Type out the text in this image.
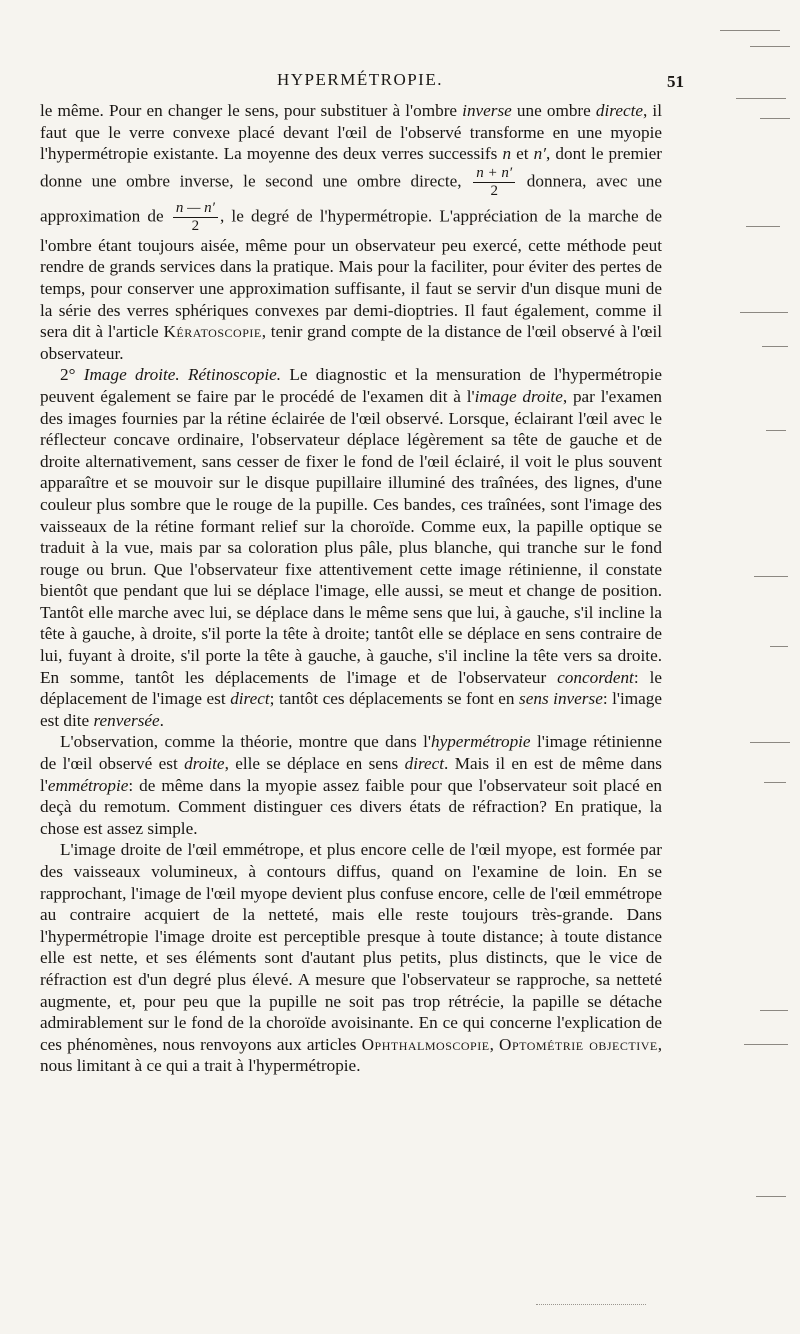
HYPERMÉTROPIE.	51

le même. Pour en changer le sens, pour substituer à l'ombre inverse une ombre directe, il faut que le verre convexe placé devant l'œil de l'observé transforme en une myopie l'hypermétropie existante. La moyenne des deux verres successifs n et n′, dont le premier donne une ombre inverse, le second une ombre directe, $\frac{n + n'}{2}$ donnera, avec une approximation de $\frac{n — n'}{2}$ , le degré de l'hypermétropie. L'appréciation de la marche de l'ombre étant toujours aisée, même pour un observateur peu exercé, cette méthode peut rendre de grands services dans la pratique. Mais pour la faciliter, pour éviter des pertes de temps, pour conserver une approximation suffisante, il faut se servir d'un disque muni de la série des verres sphériques convexes par demi-dioptries. Il faut également, comme il sera dit à l'article Kératoscopie, tenir grand compte de la distance de l'œil observé à l'œil observateur.

2° Image droite. Rétinoscopie. Le diagnostic et la mensuration de l'hypermétropie peuvent également se faire par le procédé de l'examen dit à l'image droite, par l'examen des images fournies par la rétine éclairée de l'œil observé. Lorsque, éclairant l'œil avec le réflecteur concave ordinaire, l'observateur déplace légèrement sa tête de gauche et de droite alternativement, sans cesser de fixer le fond de l'œil éclairé, il voit le plus souvent apparaître et se mouvoir sur le disque pupillaire illuminé des traînées, des lignes, d'une couleur plus sombre que le rouge de la pupille. Ces bandes, ces traînées, sont l'image des vaisseaux de la rétine formant relief sur la choroïde. Comme eux, la papille optique se traduit à la vue, mais par sa coloration plus pâle, plus blanche, qui tranche sur le fond rouge ou brun. Que l'observateur fixe attentivement cette image rétinienne, il constate bientôt que pendant que lui se déplace l'image, elle aussi, se meut et change de position. Tantôt elle marche avec lui, se déplace dans le même sens que lui, à gauche, s'il incline la tête à gauche, à droite, s'il porte la tête à droite; tantôt elle se déplace en sens contraire de lui, fuyant à droite, s'il porte la tête à gauche, à gauche, s'il incline la tête vers sa droite. En somme, tantôt les déplacements de l'image et de l'observateur concordent: le déplacement de l'image est direct; tantôt ces déplacements se font en sens inverse: l'image est dite renversée.

L'observation, comme la théorie, montre que dans l'hypermétropie l'image rétinienne de l'œil observé est droite, elle se déplace en sens direct. Mais il en est de même dans l'emmétropie: de même dans la myopie assez faible pour que l'observateur soit placé en deçà du remotum. Comment distinguer ces divers états de réfraction? En pratique, la chose est assez simple.

L'image droite de l'œil emmétrope, et plus encore celle de l'œil myope, est formée par des vaisseaux volumineux, à contours diffus, quand on l'examine de loin. En se rapprochant, l'image de l'œil myope devient plus confuse encore, celle de l'œil emmétrope au contraire acquiert de la netteté, mais elle reste toujours très-grande. Dans l'hypermétropie l'image droite est perceptible presque à toute distance; à toute distance elle est nette, et ses éléments sont d'autant plus petits, plus distincts, que le vice de réfraction est d'un degré plus élevé. A mesure que l'observateur se rapproche, sa netteté augmente, et, pour peu que la pupille ne soit pas trop rétrécie, la papille se détache admirablement sur le fond de la choroïde avoisinante. En ce qui concerne l'explication de ces phénomènes, nous renvoyons aux articles Ophthalmoscopie, Optométrie objective, nous limitant à ce qui a trait à l'hypermétropie.
